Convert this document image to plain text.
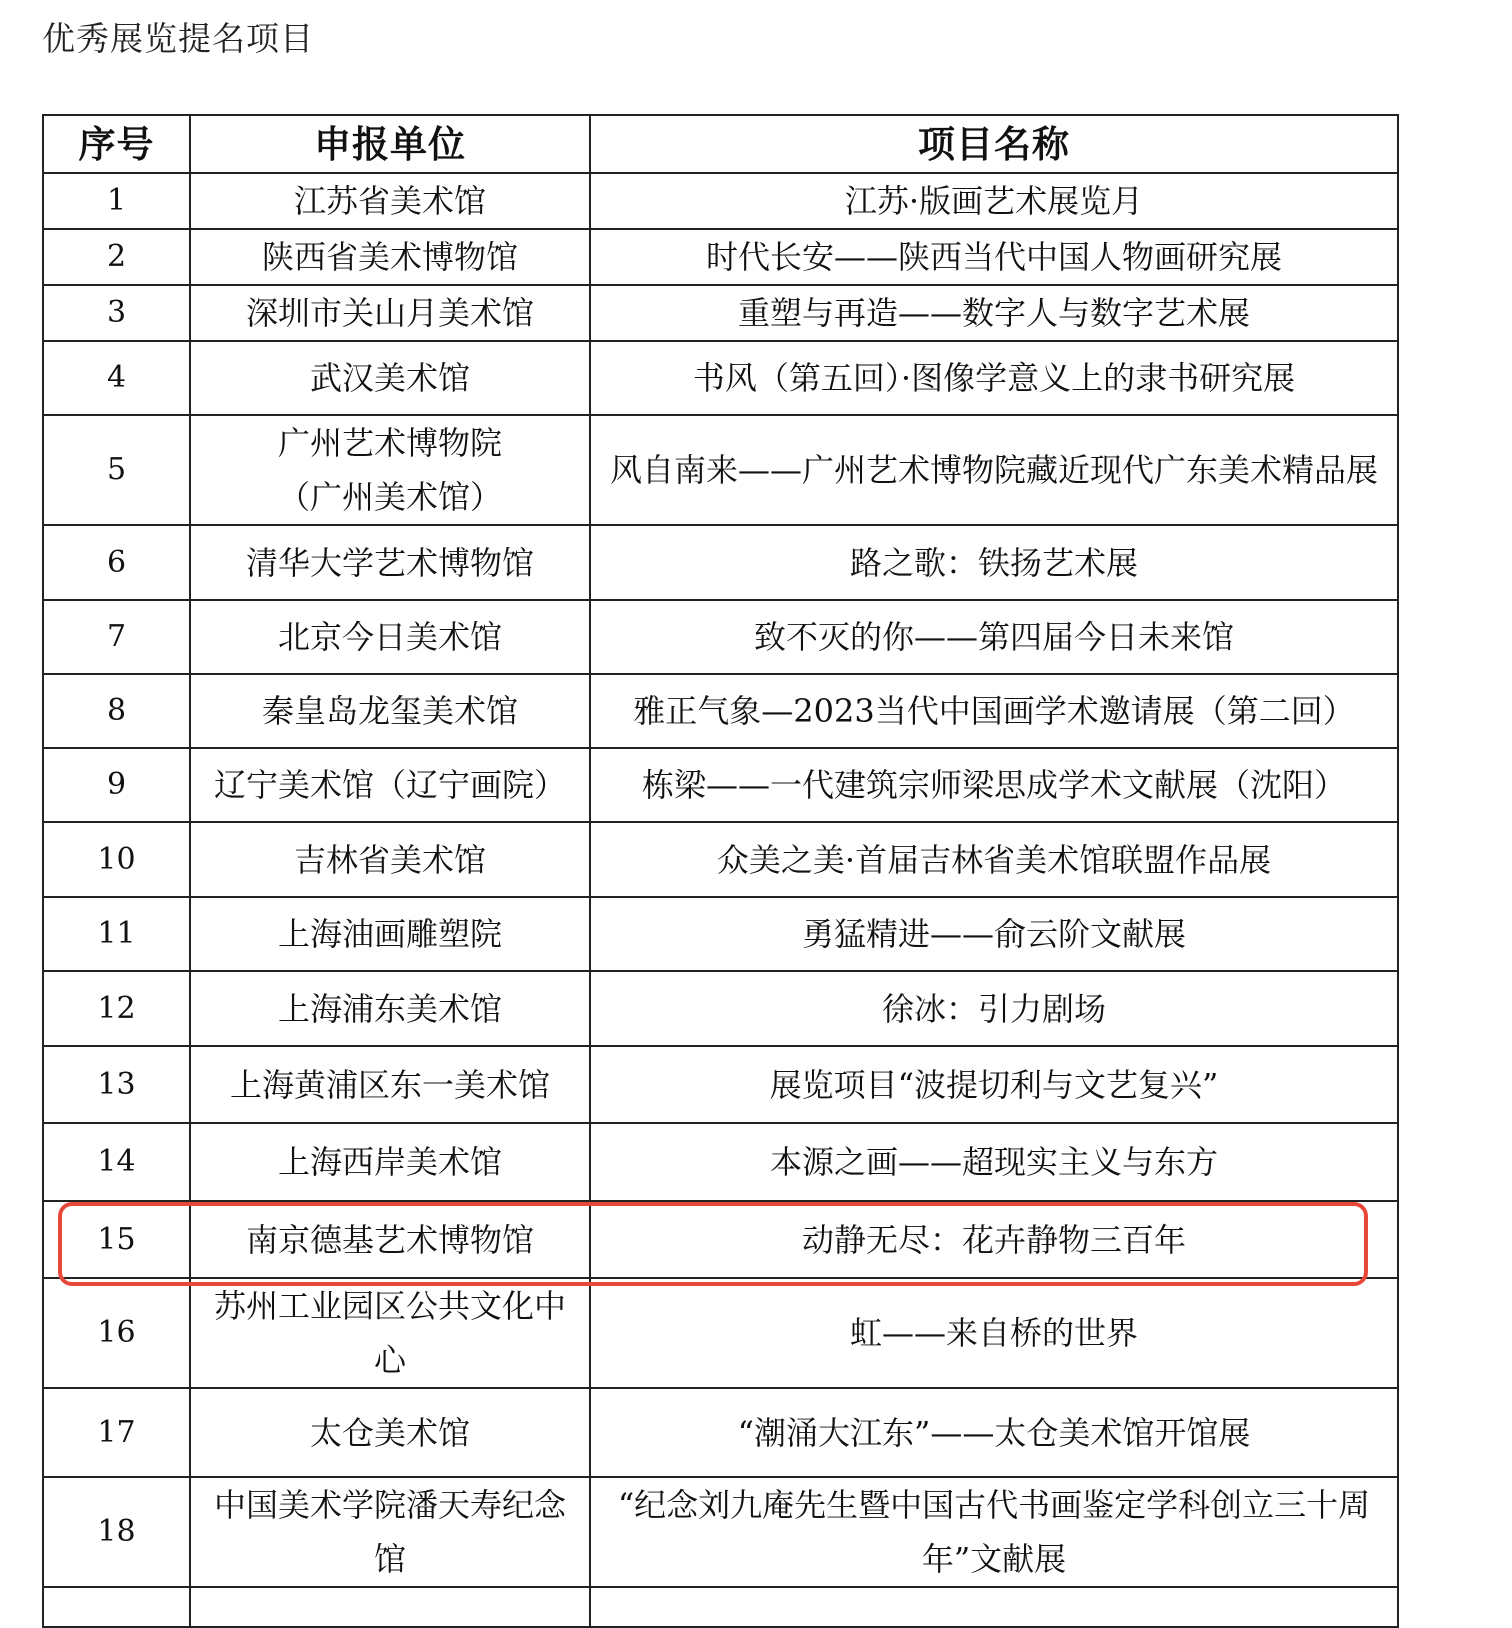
优秀展览提名项目
序号	申报单位	项目名称
1	江苏省美术馆	江苏·版画艺术展览月
2	陕西省美术博物馆	时代长安——陕西当代中国人物画研究展
3	深圳市关山月美术馆	重塑与再造——数字人与数字艺术展
4	武汉美术馆	书风（第五回）·图像学意义上的隶书研究展
5	广州艺术博物院（广州美术馆）	风自南来——广州艺术博物院藏近现代广东美术精品展
6	清华大学艺术博物馆	路之歌：铁扬艺术展
7	北京今日美术馆	致不灭的你——第四届今日未来馆
8	秦皇岛龙玺美术馆	雅正气象—2023当代中国画学术邀请展（第二回）
9	辽宁美术馆（辽宁画院）	栋梁——一代建筑宗师梁思成学术文献展（沈阳）
10	吉林省美术馆	众美之美·首届吉林省美术馆联盟作品展
11	上海油画雕塑院	勇猛精进——俞云阶文献展
12	上海浦东美术馆	徐冰：引力剧场
13	上海黄浦区东一美术馆	展览项目“波提切利与文艺复兴”
14	上海西岸美术馆	本源之画——超现实主义与东方
15	南京德基艺术博物馆	动静无尽：花卉静物三百年
16	苏州工业园区公共文化中心	虹——来自桥的世界
17	太仓美术馆	“潮涌大江东”——太仓美术馆开馆展
18	中国美术学院潘天寿纪念馆	“纪念刘九庵先生暨中国古代书画鉴定学科创立三十周年”文献展
